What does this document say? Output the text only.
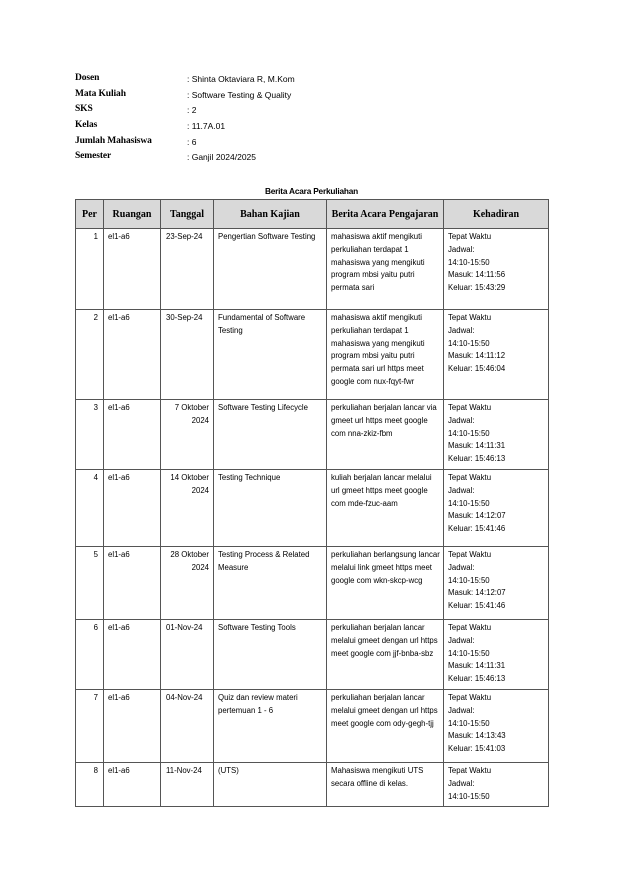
Dosen	: Shinta Oktaviara R, M.Kom
Mata Kuliah	: Software Testing & Quality
SKS	: 2
Kelas	: 11.7A.01
Jumlah Mahasiswa	: 6
Semester	: Ganjil 2024/2025
Berita Acara Perkuliahan
Per	Ruangan	Tanggal	Bahan Kajian	Berita Acara Pengajaran	Kehadiran
1	el1-a6	23-Sep-24	Pengertian Software Testing	mahasiswa aktif mengikuti perkuliahan terdapat 1 mahasiswa yang mengikuti program mbsi yaitu putri permata sari	Tepat Waktu
Jadwal:
14:10-15:50
Masuk: 14:11:56
Keluar: 15:43:29

2	el1-a6	30-Sep-24	Fundamental of Software Testing	mahasiswa aktif mengikuti perkuliahan terdapat 1 mahasiswa yang mengikuti program mbsi yaitu putri permata sari url https meet google com nux-fqyt-fwr	Tepat Waktu
Jadwal:
14:10-15:50
Masuk: 14:11:12
Keluar: 15:46:04

3	el1-a6	7 Oktober 2024	Software Testing Lifecycle	perkuliahan berjalan lancar via gmeet url https meet google com nna-zkiz-fbm	Tepat Waktu
Jadwal:
14:10-15:50
Masuk: 14:11:31
Keluar: 15:46:13

4	el1-a6	14 Oktober 2024	Testing Technique	kuliah berjalan lancar melalui url gmeet https meet google com mde-fzuc-aam	Tepat Waktu
Jadwal:
14:10-15:50
Masuk: 14:12:07
Keluar: 15:41:46

5	el1-a6	28 Oktober 2024	Testing Process & Related Measure	perkuliahan berlangsung lancar melalui link gmeet https meet google com wkn-skcp-wcg	Tepat Waktu
Jadwal:
14:10-15:50
Masuk: 14:12:07
Keluar: 15:41:46

6	el1-a6	01-Nov-24	Software Testing Tools	perkuliahan berjalan lancar melalui gmeet dengan url https meet google com jjf-bnba-sbz	Tepat Waktu
Jadwal:
14:10-15:50
Masuk: 14:11:31
Keluar: 15:46:13

7	el1-a6	04-Nov-24	Quiz dan review materi pertemuan 1 - 6	perkuliahan berjalan lancar melalui gmeet dengan url https meet google com ody-gegh-tjj	Tepat Waktu
Jadwal:
14:10-15:50
Masuk: 14:13:43
Keluar: 15:41:03

8	el1-a6	11-Nov-24	(UTS)	Mahasiswa mengikuti UTS secara offline di kelas.	Tepat Waktu
Jadwal:
14:10-15:50
